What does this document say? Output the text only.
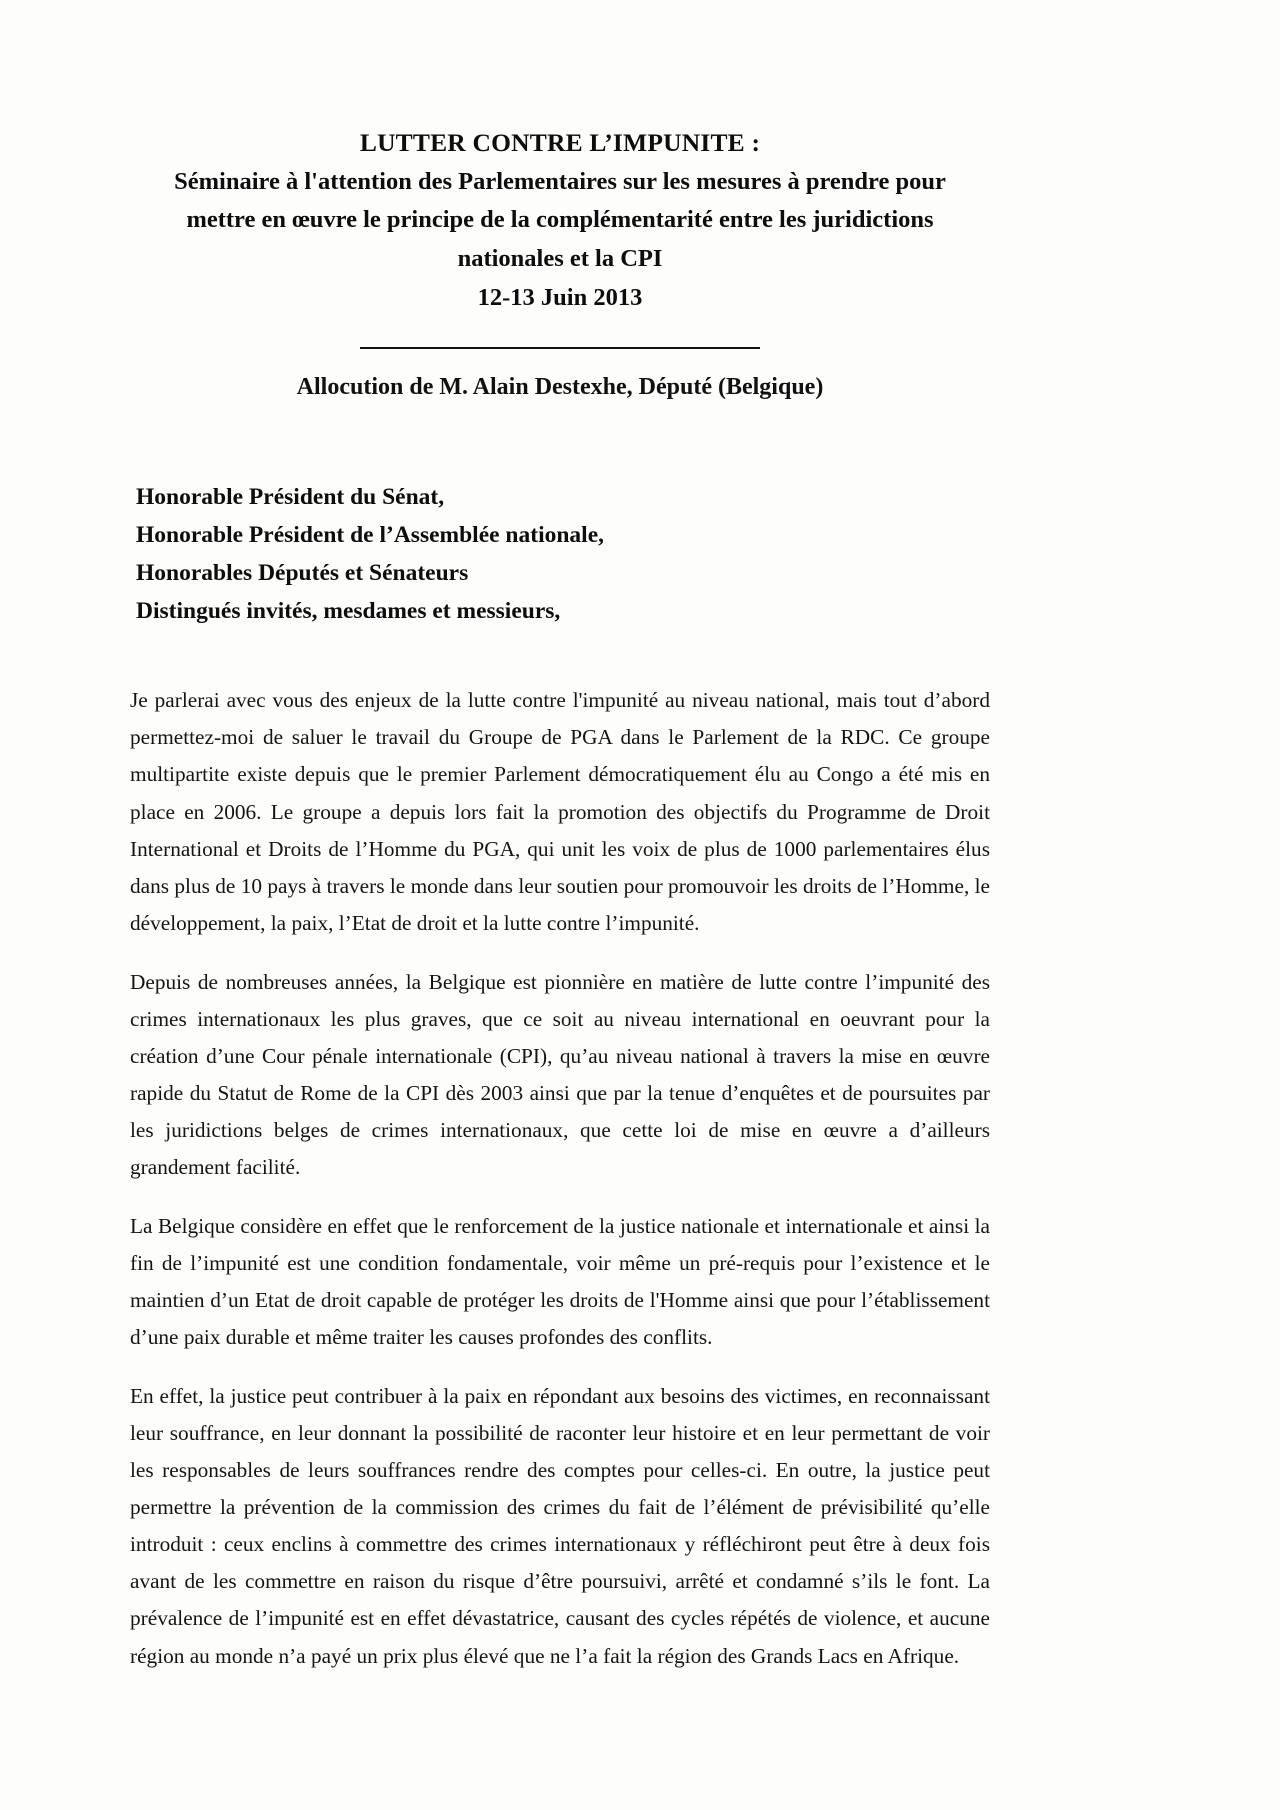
LUTTER CONTRE L’IMPUNITE :
Séminaire à l'attention des Parlementaires sur les mesures à prendre pour
mettre en œuvre le principe de la complémentarité entre les juridictions
nationales et la CPI
12-13 Juin 2013
Allocution de M. Alain Destexhe, Député (Belgique)
Honorable Président du Sénat,
Honorable Président de l’Assemblée nationale,
Honorables Députés et Sénateurs
Distingués invités, mesdames et messieurs,

Je parlerai avec vous des enjeux de la lutte contre l'impunité au niveau national, mais tout d’abord permettez-moi de saluer le travail du Groupe de PGA dans le Parlement de la RDC. Ce groupe multipartite existe depuis que le premier Parlement démocratiquement élu au Congo a été mis en place en 2006. Le groupe a depuis lors fait la promotion des objectifs du Programme de Droit International et Droits de l’Homme du PGA, qui unit les voix de plus de 1000 parlementaires élus dans plus de 10 pays à travers le monde dans leur soutien pour promouvoir les droits de l’Homme, le développement, la paix, l’Etat de droit et la lutte contre l’impunité.

Depuis de nombreuses années, la Belgique est pionnière en matière de lutte contre l’impunité des crimes internationaux les plus graves, que ce soit au niveau international en oeuvrant pour la création d’une Cour pénale internationale (CPI), qu’au niveau national à travers la mise en œuvre rapide du Statut de Rome de la CPI dès 2003 ainsi que par la tenue d’enquêtes et de poursuites par les juridictions belges de crimes internationaux, que cette loi de mise en œuvre a d’ailleurs grandement facilité.

La Belgique considère en effet que le renforcement de la justice nationale et internationale et ainsi la fin de l’impunité est une condition fondamentale, voir même un pré-requis pour l’existence et le maintien d’un Etat de droit capable de protéger les droits de l'Homme ainsi que pour l’établissement d’une paix durable et même traiter les causes profondes des conflits.

En effet, la justice peut contribuer à la paix en répondant aux besoins des victimes, en reconnaissant leur souffrance, en leur donnant la possibilité de raconter leur histoire et en leur permettant de voir les responsables de leurs souffrances rendre des comptes pour celles-ci. En outre, la justice peut permettre la prévention de la commission des crimes du fait de l’élément de prévisibilité qu’elle introduit : ceux enclins à commettre des crimes internationaux y réfléchiront peut être à deux fois avant de les commettre en raison du risque d’être poursuivi, arrêté et condamné s’ils le font. La prévalence de l’impunité est en effet dévastatrice, causant des cycles répétés de violence, et aucune région au monde n’a payé un prix plus élevé que ne l’a fait la région des Grands Lacs en Afrique.
